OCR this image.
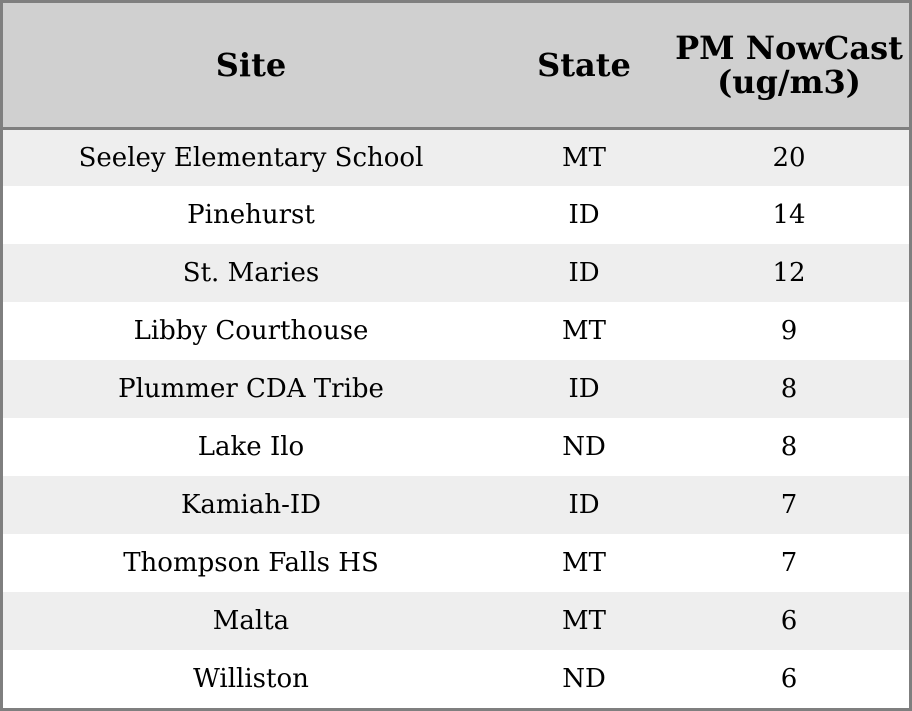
Site	State	PM NowCast (ug/m3)
Seeley Elementary School	MT	20
Pinehurst	ID	14
St. Maries	ID	12
Libby Courthouse	MT	9
Plummer CDA Tribe	ID	8
Lake Ilo	ND	8
Kamiah-ID	ID	7
Thompson Falls HS	MT	7
Malta	MT	6
Williston	ND	6
